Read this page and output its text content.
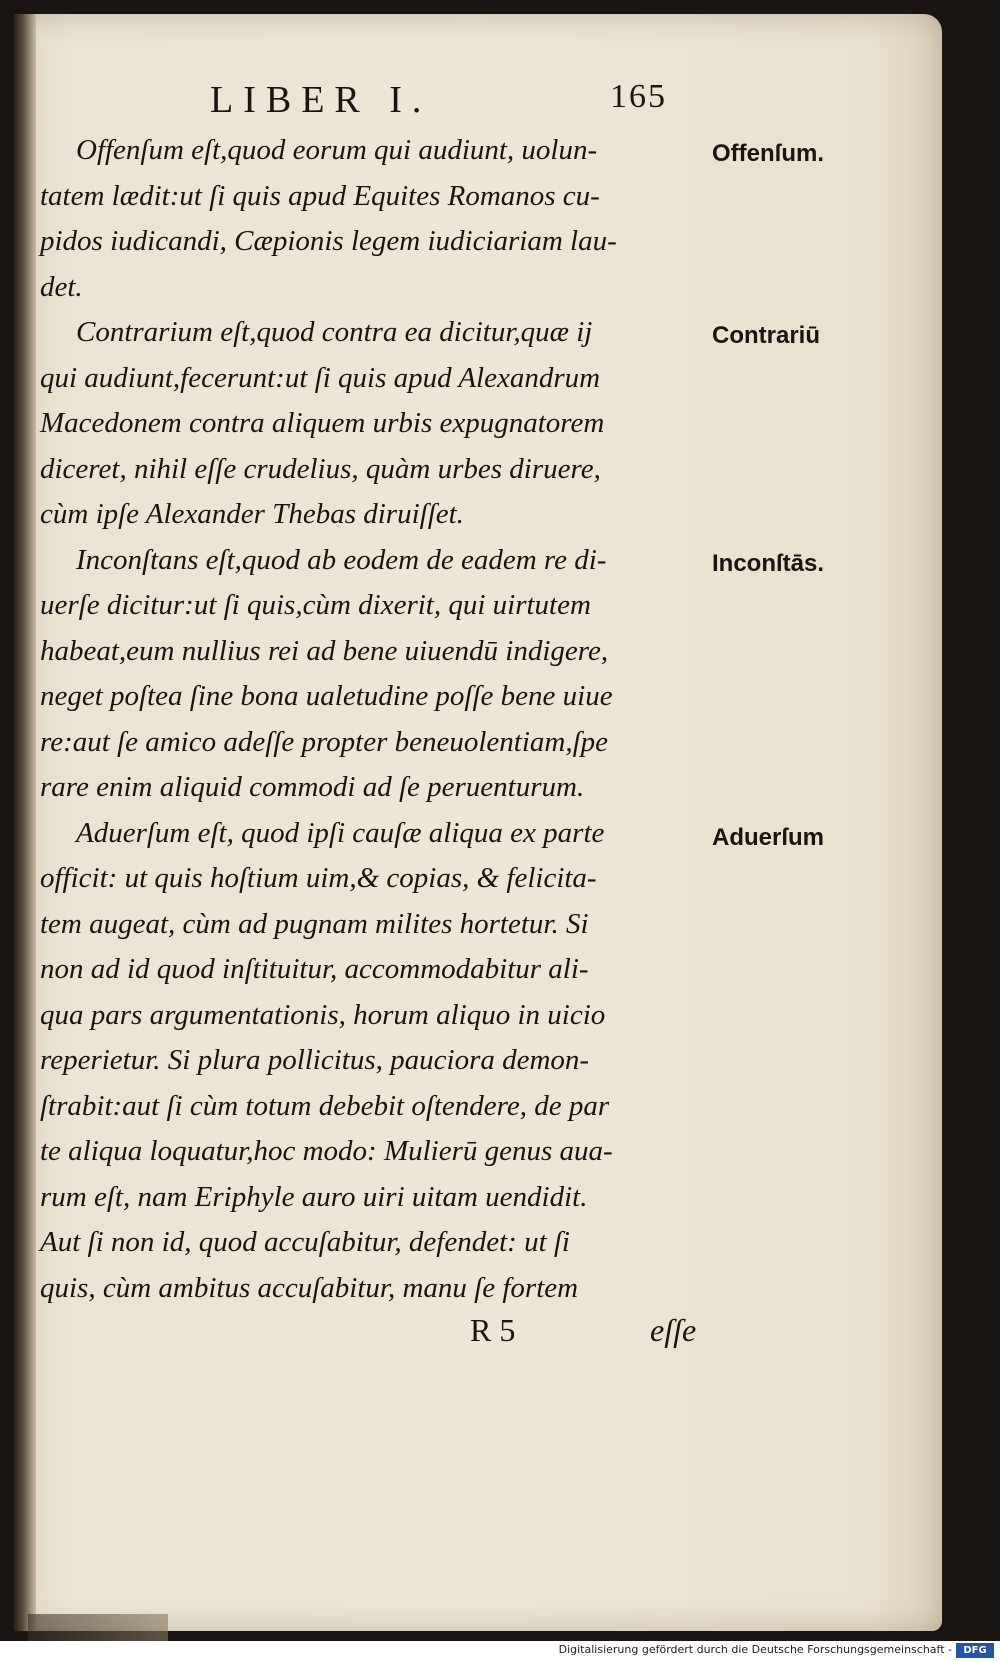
LIBER I.	165
Offenſum eſt,quod eorum qui audiunt, uolun-
tatem lædit:ut ſi quis apud Equites Romanos cu-
pidos iudicandi, Cæpionis legem iudiciariam lau-
det.
Contrarium eſt,quod contra ea dicitur,quæ ij
qui audiunt,fecerunt:ut ſi quis apud Alexandrum
Macedonem contra aliquem urbis expugnatorem
diceret, nihil eſſe crudelius, quàm urbes diruere,
cùm ipſe Alexander Thebas diruiſſet.
Inconſtans eſt,quod ab eodem de eadem re di-
uerſe dicitur:ut ſi quis,cùm dixerit, qui uirtutem
habeat,eum nullius rei ad bene uiuendū indigere,
neget poſtea ſine bona ualetudine poſſe bene uiue
re:aut ſe amico adeſſe propter beneuolentiam,ſpe
rare enim aliquid commodi ad ſe peruenturum.
Aduerſum eſt, quod ipſi cauſæ aliqua ex parte
officit: ut quis hoſtium uim,& copias, & felicita-
tem augeat, cùm ad pugnam milites hortetur. Si
non ad id quod inſtituitur, accommodabitur ali-
qua pars argumentationis, horum aliquo in uicio
reperietur. Si plura pollicitus, pauciora demon-
ſtrabit:aut ſi cùm totum debebit oſtendere, de par
te aliqua loquatur,hoc modo: Mulierū genus aua-
rum eſt, nam Eriphyle auro uiri uitam uendidit.
Aut ſi non id, quod accuſabitur, defendet: ut ſi
quis, cùm ambitus accuſabitur, manu ſe fortem
Offenſum.
Contrariū
Inconſtās.
Aduerſum
R 5	eſſe
Digitalisierung gefördert durch die Deutsche Forschungsgemeinschaft -	DFG
